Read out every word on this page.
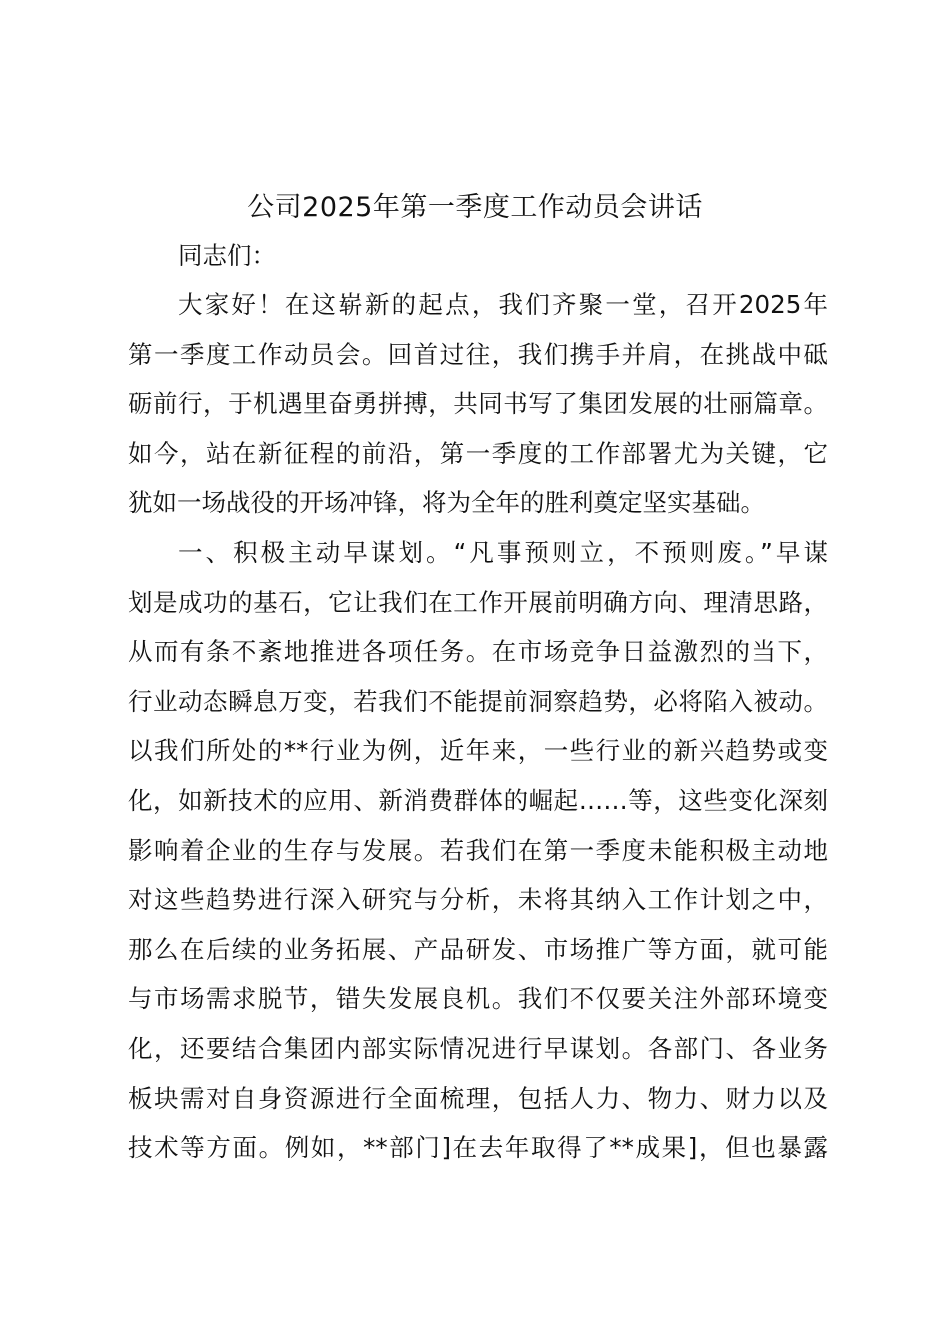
公司2025年第一季度工作动员会讲话
同志们：
大家好！在这崭新的起点，我们齐聚一堂，召开2025年
第一季度工作动员会。回首过往，我们携手并肩，在挑战中砥
砺前行，于机遇里奋勇拼搏，共同书写了集团发展的壮丽篇章。
如今，站在新征程的前沿，第一季度的工作部署尤为关键，它
犹如一场战役的开场冲锋，将为全年的胜利奠定坚实基础。
一、积极主动早谋划。“凡事预则立，不预则废。”早谋
划是成功的基石，它让我们在工作开展前明确方向、理清思路，
从而有条不紊地推进各项任务。在市场竞争日益激烈的当下，
行业动态瞬息万变，若我们不能提前洞察趋势，必将陷入被动。
以我们所处的**行业为例，近年来，一些行业的新兴趋势或变
化，如新技术的应用、新消费群体的崛起……等，这些变化深刻
影响着企业的生存与发展。若我们在第一季度未能积极主动地
对这些趋势进行深入研究与分析，未将其纳入工作计划之中，
那么在后续的业务拓展、产品研发、市场推广等方面，就可能
与市场需求脱节，错失发展良机。我们不仅要关注外部环境变
化，还要结合集团内部实际情况进行早谋划。各部门、各业务
板块需对自身资源进行全面梳理，包括人力、物力、财力以及
技术等方面。例如，**部门]在去年取得了**成果]，但也暴露
